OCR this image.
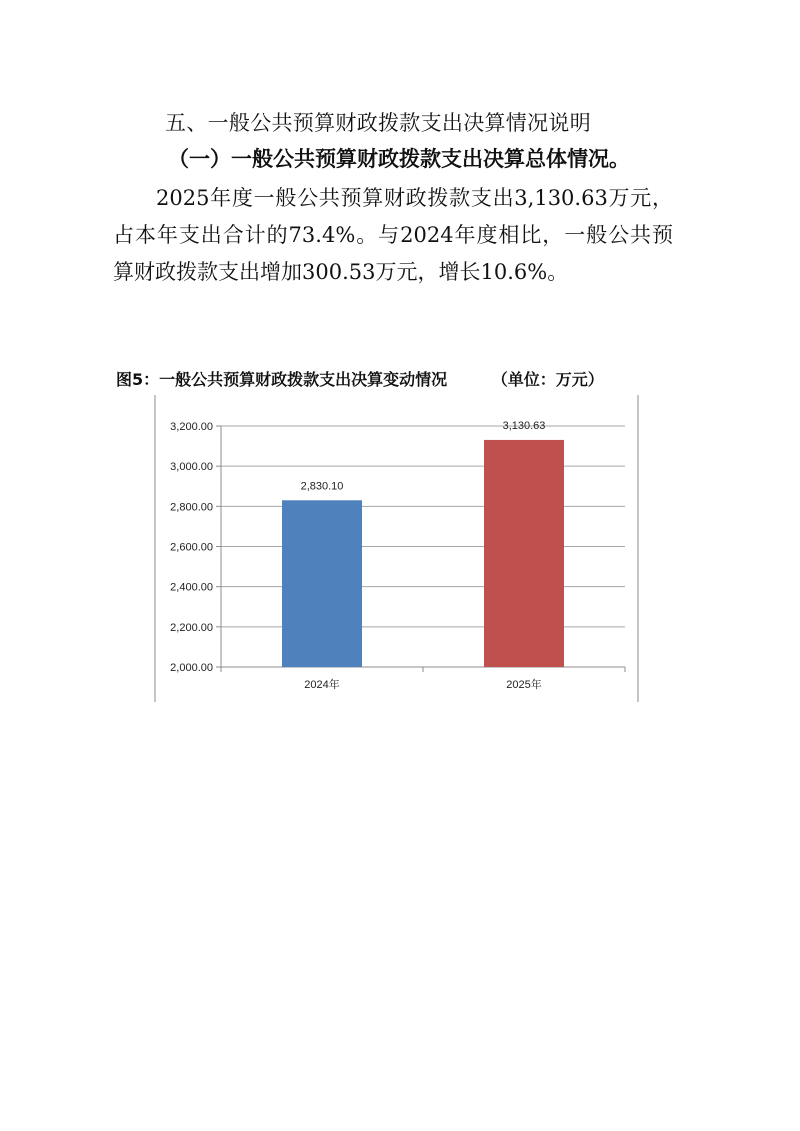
五、一般公共预算财政拨款支出决算情况说明
（一）一般公共预算财政拨款支出决算总体情况。
2025年度一般公共预算财政拨款支出3,130.63万元，占本年支出合计的73.4%。与2024年度相比，一般公共预算财政拨款支出增加300.53万元，增长10.6%。
图5：一般公共预算财政拨款支出决算变动情况	（单位：万元）
2,000.00
2,200.00
2,400.00
2,600.00
2,800.00
3,000.00
3,200.00
2,830.10
2024年
3,130.63
2025年
